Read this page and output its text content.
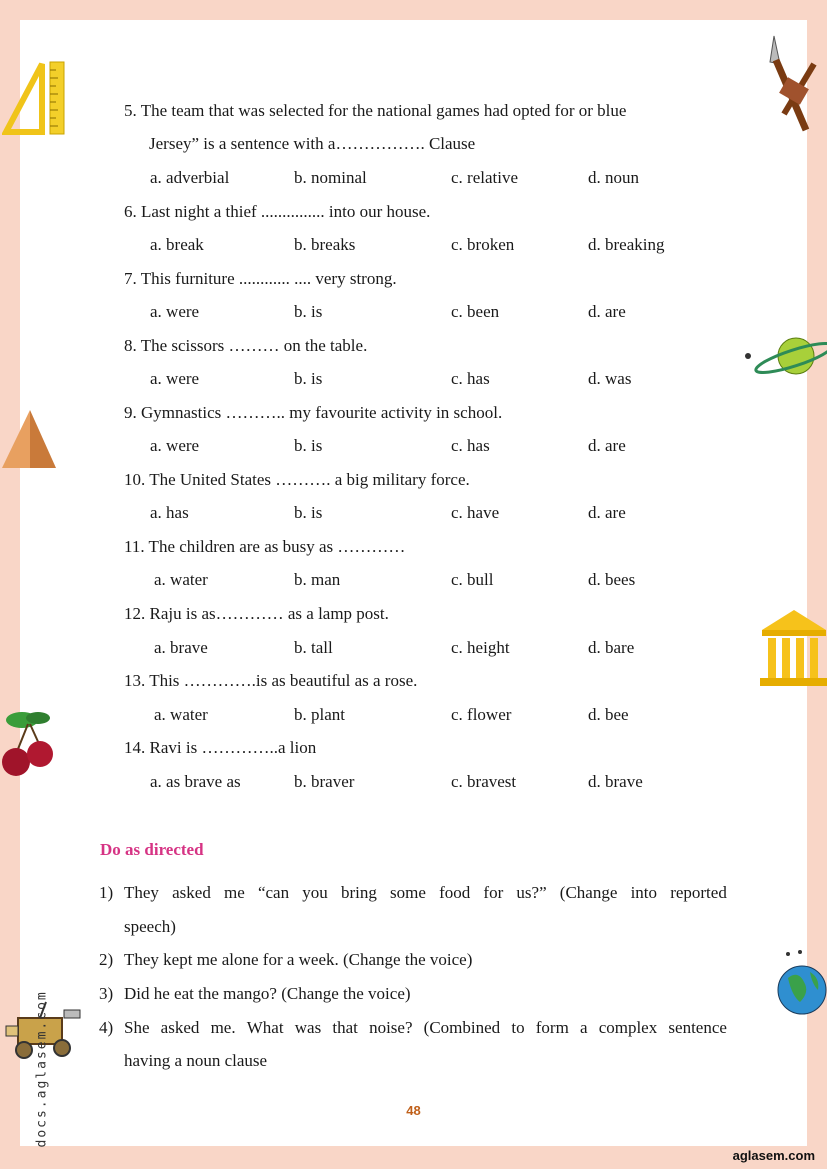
5. The team that was selected for the national games had opted for or blue
Jersey” is a sentence with a……………. Clause
a. adverbial	b. nominal	c. relative	d. noun
6. Last night a thief ............... into our house.
a. break	b. breaks	c. broken	d. breaking
7. This furniture ............ .... very strong.
a. were	b. is	c. been	d. are
8. The scissors ……… on the table.
a. were	b. is	c. has	d. was
9. Gymnastics ……….. my favourite activity in school.
a. were	b. is	c. has	d. are
10. The United States ………. a big military force.
a. has	b. is	c. have	d. are
11. The children are as busy as …………
a. water	b. man	c. bull	d. bees
12. Raju is as………… as a lamp post.
a. brave	b. tall	c. height	d. bare
13. This ………….is as beautiful as a rose.
a. water	b. plant	c. flower	d. bee
14. Ravi is …………..a lion
a. as brave as	b. braver	c. bravest	d. brave
Do as directed
1) They asked me “can you bring some food for us?” (Change into reported
speech)
2) They kept me alone for a week. (Change the voice)
3) Did he eat the mango? (Change the voice)
4) She asked me. What was that noise? (Combined to form a complex sentence
having a noun clause
48
aglasem.com
docs.aglasem.com
